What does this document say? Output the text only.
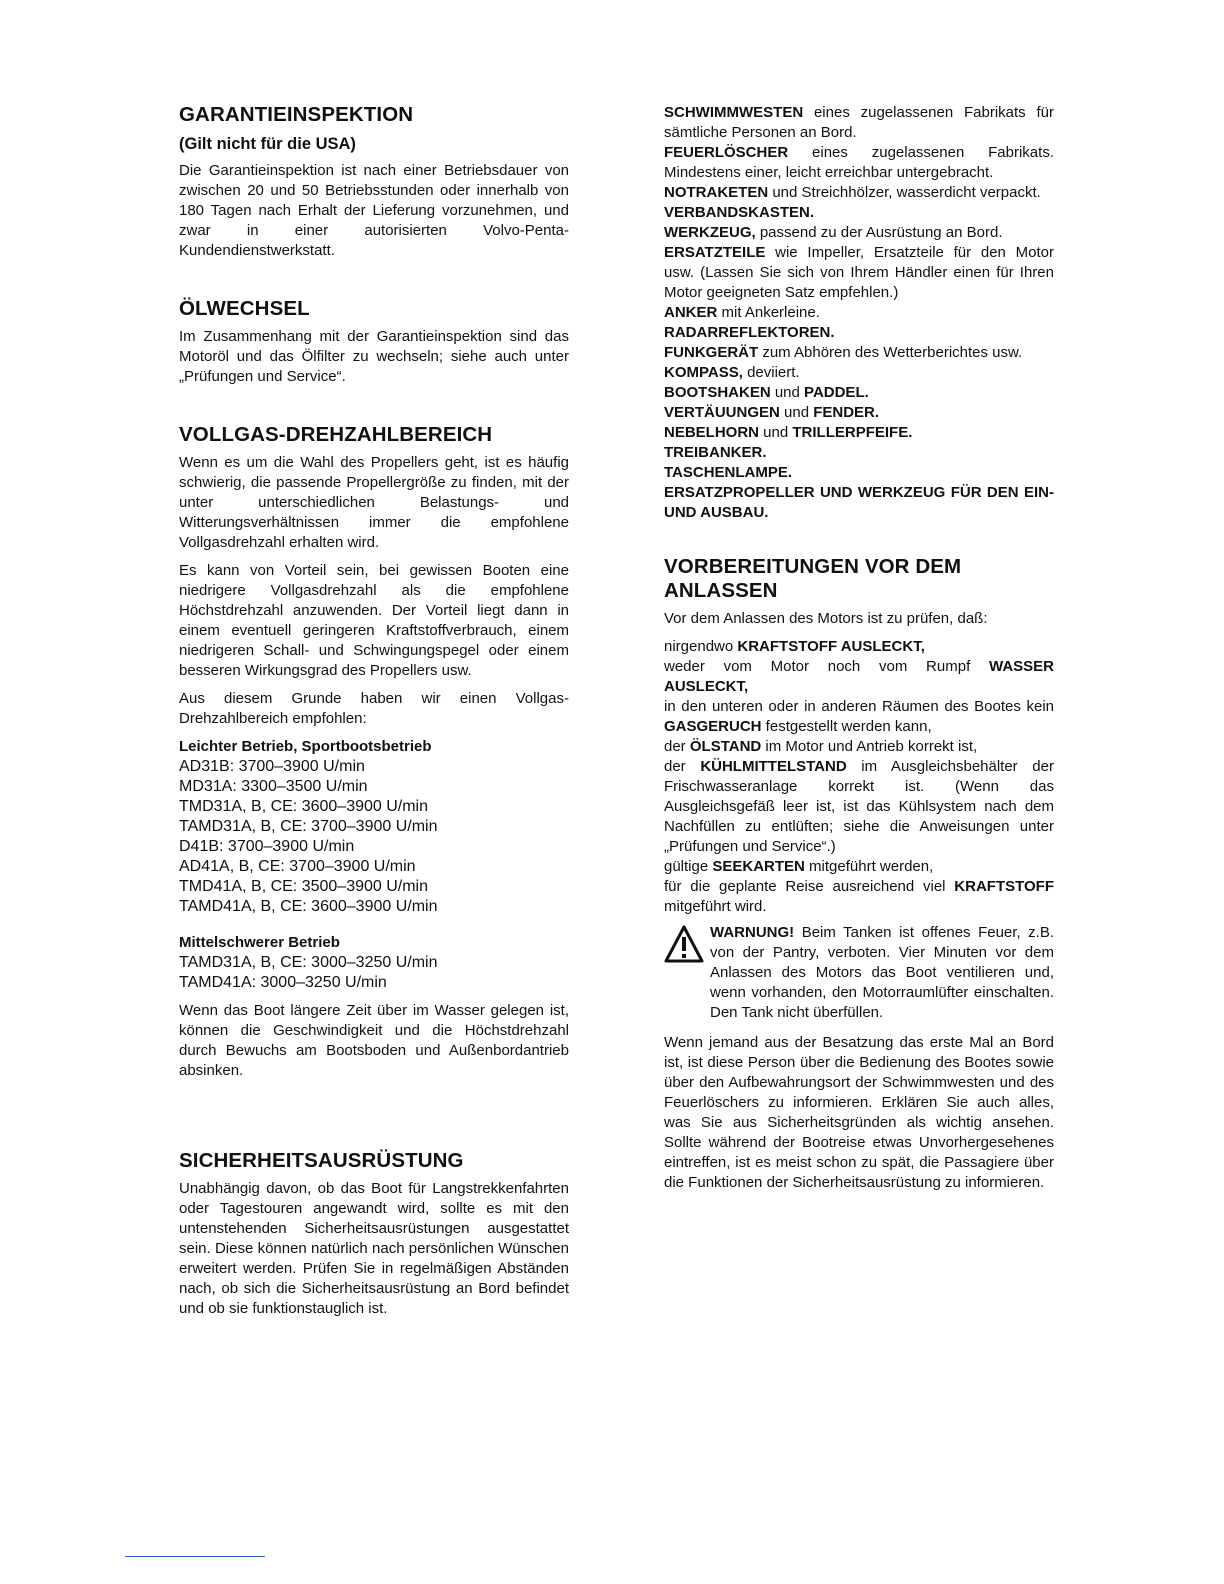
GARANTIEINSPEKTION
(Gilt nicht für die USA)

Die Garantieinspektion ist nach einer Betriebsdauer von zwischen 20 und 50 Betriebsstunden oder innerhalb von 180 Tagen nach Erhalt der Lieferung vorzunehmen, und zwar in einer autorisierten Volvo-Penta-Kundendienstwerkstatt.

ÖLWECHSEL

Im Zusammenhang mit der Garantieinspektion sind das Motoröl und das Ölfilter zu wechseln; siehe auch unter „Prüfungen und Service“.

VOLLGAS-DREHZAHLBEREICH

Wenn es um die Wahl des Propellers geht, ist es häufig schwierig, die passende Propellergröße zu finden, mit der unter unterschiedlichen Belastungs- und Witterungsverhältnissen immer die empfohlene Vollgasdrehzahl erhalten wird.

Es kann von Vorteil sein, bei gewissen Booten eine niedrigere Vollgasdrehzahl als die empfohlene Höchstdrehzahl anzuwenden. Der Vorteil liegt dann in einem eventuell geringeren Kraftstoffverbrauch, einem niedrigeren Schall- und Schwingungspegel oder einem besseren Wirkungsgrad des Propellers usw.

Aus diesem Grunde haben wir einen Vollgas-Drehzahlbereich empfohlen:

Leichter Betrieb, Sportbootsbetrieb
AD31B: 3700–3900 U/min
MD31A: 3300–3500 U/min
TMD31A, B, CE: 3600–3900 U/min
TAMD31A, B, CE: 3700–3900 U/min
D41B: 3700–3900 U/min
AD41A, B, CE: 3700–3900 U/min
TMD41A, B, CE: 3500–3900 U/min
TAMD41A, B, CE: 3600–3900 U/min
Mittelschwerer Betrieb
TAMD31A, B, CE: 3000–3250 U/min
TAMD41A: 3000–3250 U/min

Wenn das Boot längere Zeit über im Wasser gelegen ist, können die Geschwindigkeit und die Höchstdrehzahl durch Bewuchs am Bootsboden und Außenbordantrieb absinken.

SICHERHEITSAUSRÜSTUNG

Unabhängig davon, ob das Boot für Langstrekkenfahrten oder Tagestouren angewandt wird, sollte es mit den untenstehenden Sicherheitsausrüstungen ausgestattet sein. Diese können natürlich nach persönlichen Wünschen erweitert werden. Prüfen Sie in regelmäßigen Abständen nach, ob sich die Sicherheitsausrüstung an Bord befindet und ob sie funktionstauglich ist.

SCHWIMMWESTEN eines zugelassenen Fabrikats für sämtliche Personen an Bord.

FEUERLÖSCHER eines zugelassenen Fabrikats. Mindestens einer, leicht erreichbar untergebracht.

NOTRAKETEN und Streichhölzer, wasserdicht verpackt.

VERBANDSKASTEN.

WERKZEUG, passend zu der Ausrüstung an Bord.

ERSATZTEILE wie Impeller, Ersatzteile für den Motor usw. (Lassen Sie sich von Ihrem Händler einen für Ihren Motor geeigneten Satz empfehlen.)

ANKER mit Ankerleine.

RADARREFLEKTOREN.

FUNKGERÄT zum Abhören des Wetterberichtes usw.

KOMPASS, deviiert.

BOOTSHAKEN und PADDEL.

VERTÄUUNGEN und FENDER.

NEBELHORN und TRILLERPFEIFE.

TREIBANKER.

TASCHENLAMPE.

ERSATZPROPELLER UND WERKZEUG FÜR DEN EIN- UND AUSBAU.

VORBEREITUNGEN VOR DEM ANLASSEN

Vor dem Anlassen des Motors ist zu prüfen, daß:

nirgendwo KRAFTSTOFF AUSLECKT,

weder vom Motor noch vom Rumpf WASSER AUSLECKT,

in den unteren oder in anderen Räumen des Bootes kein GASGERUCH festgestellt werden kann,

der ÖLSTAND im Motor und Antrieb korrekt ist,

der KÜHLMITTELSTAND im Ausgleichsbehälter der Frischwasseranlage korrekt ist. (Wenn das Ausgleichsgefäß leer ist, ist das Kühlsystem nach dem Nachfüllen zu entlüften; siehe die Anweisungen unter „Prüfungen und Service“.)

gültige SEEKARTEN mitgeführt werden,

für die geplante Reise ausreichend viel KRAFTSTOFF mitgeführt wird.

WARNUNG! Beim Tanken ist offenes Feuer, z.B. von der Pantry, verboten. Vier Minuten vor dem Anlassen des Motors das Boot ventilieren und, wenn vorhanden, den Motorraumlüfter einschalten. Den Tank nicht überfüllen.

Wenn jemand aus der Besatzung das erste Mal an Bord ist, ist diese Person über die Bedienung des Bootes sowie über den Aufbewahrungsort der Schwimmwesten und des Feuerlöschers zu informieren. Erklären Sie auch alles, was Sie aus Sicherheitsgründen als wichtig ansehen. Sollte während der Bootreise etwas Unvorhergesehenes eintreffen, ist es meist schon zu spät, die Passagiere über die Funktionen der Sicherheitsausrüstung zu informieren.
